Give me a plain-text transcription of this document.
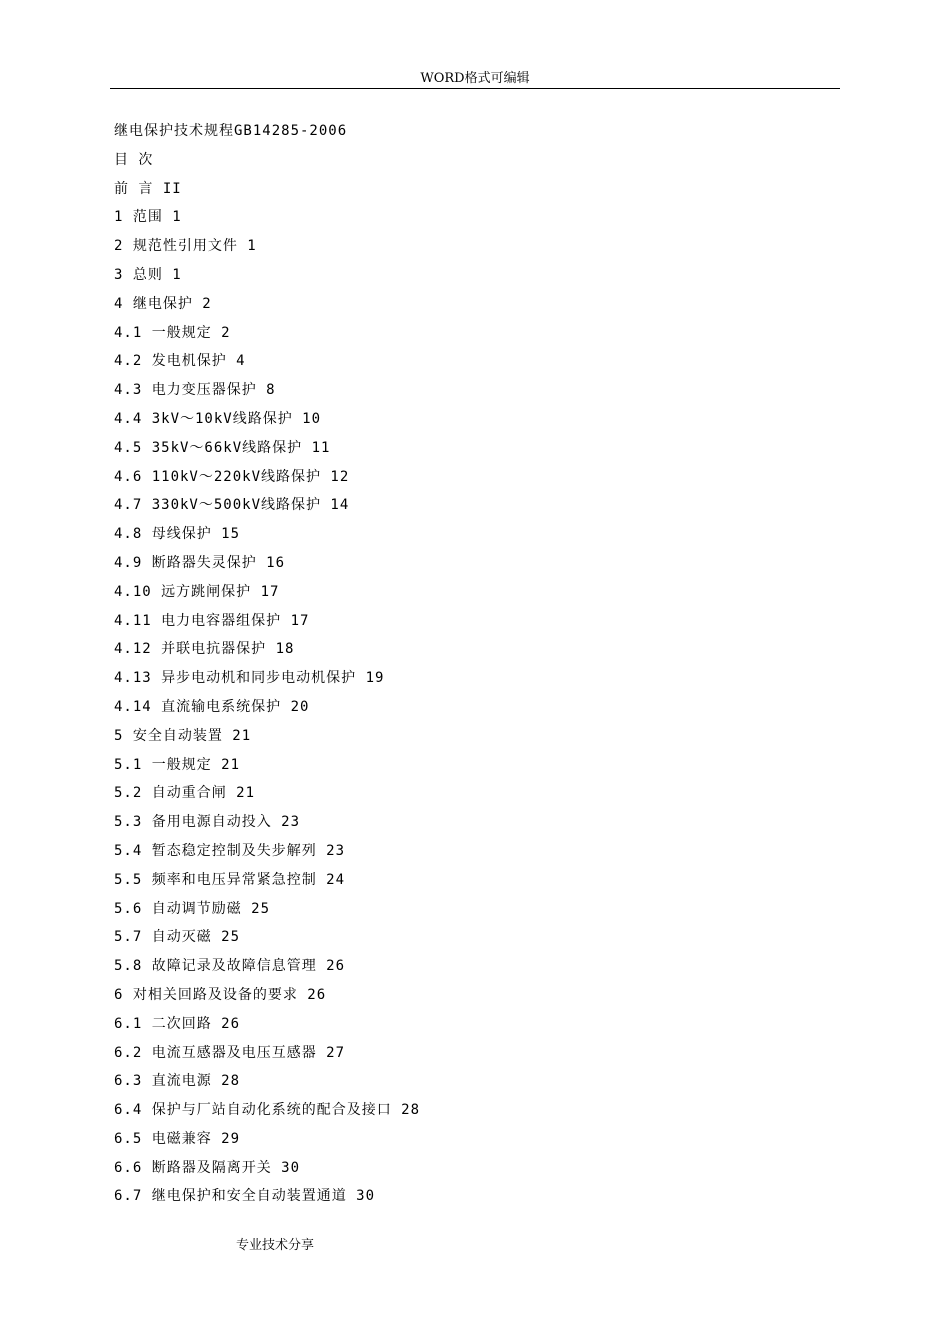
WORD格式可编辑
继电保护技术规程GB14285-2006
目 次
前 言 II
1 范围 1
2 规范性引用文件 1
3 总则 1
4 继电保护 2
4.1 一般规定 2
4.2 发电机保护 4
4.3 电力变压器保护 8
4.4 3kV～10kV线路保护 10
4.5 35kV～66kV线路保护 11
4.6 110kV～220kV线路保护 12
4.7 330kV～500kV线路保护 14
4.8 母线保护 15
4.9 断路器失灵保护 16
4.10 远方跳闸保护 17
4.11 电力电容器组保护 17
4.12 并联电抗器保护 18
4.13 异步电动机和同步电动机保护 19
4.14 直流输电系统保护 20
5 安全自动装置 21
5.1 一般规定 21
5.2 自动重合闸 21
5.3 备用电源自动投入 23
5.4 暂态稳定控制及失步解列 23
5.5 频率和电压异常紧急控制 24
5.6 自动调节励磁 25
5.7 自动灭磁 25
5.8 故障记录及故障信息管理 26
6 对相关回路及设备的要求 26
6.1 二次回路 26
6.2 电流互感器及电压互感器 27
6.3 直流电源 28
6.4 保护与厂站自动化系统的配合及接口 28
6.5 电磁兼容 29
6.6 断路器及隔离开关 30
6.7 继电保护和安全自动装置通道 30
专业技术分享
